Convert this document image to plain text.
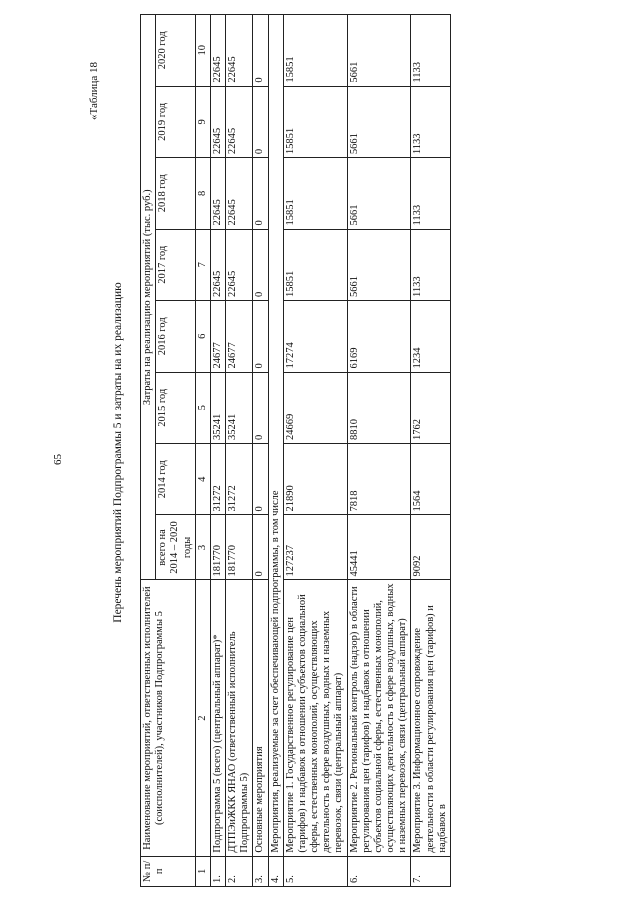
65
«Таблица 18
Перечень мероприятий Подпрограммы 5 и затраты на их реализацию
№ п/п	Наименование мероприятий, ответственных исполнителей (соисполнителей), участников Подпрограммы 5	Затраты на реализацию мероприятий (тыс. руб.)							
		всего на 2014 – 2020 годы	2014 год	2015 год	2016 год	2017 год	2018 год	2019 год	2020 год
1	2	3	4	5	6	7	8	9	10
1.	Подпрограмма 5 (всего) (центральный аппарат)*	181770	31272	35241	24677	22645	22645	22645	22645
2.	ДТПЭиЖКК ЯНАО (ответственный исполнитель Подпрограммы 5)	181770	31272	35241	24677	22645	22645	22645	22645
3.	Основные мероприятия	0	0	0	0	0	0	0	0
4.	Мероприятия, реализуемые за счет обеспечивающей подпрограммы, в том числе								
5.	Мероприятие 1. Государственное регулирование цен (тарифов) и надбавок в отношении субъектов социальной сферы, естественных монополий, осуществляющих деятельность в сфере воздушных, водных и наземных перевозок, связи (центральный аппарат)	127237	21890	24669	17274	15851	15851	15851	15851
6.	Мероприятие 2. Региональный контроль (надзор) в области регулирования цен (тарифов) и надбавок в отношении субъектов социальной сферы, естественных монополий, осуществляющих деятельность в сфере воздушных, водных и наземных перевозок, связи (центральный аппарат)	45441	7818	8810	6169	5661	5661	5661	5661
7.	Мероприятие 3. Информационное сопровождение деятельности в области регулирования цен (тарифов) и надбавок в	9092	1564	1762	1234	1133	1133	1133	1133
